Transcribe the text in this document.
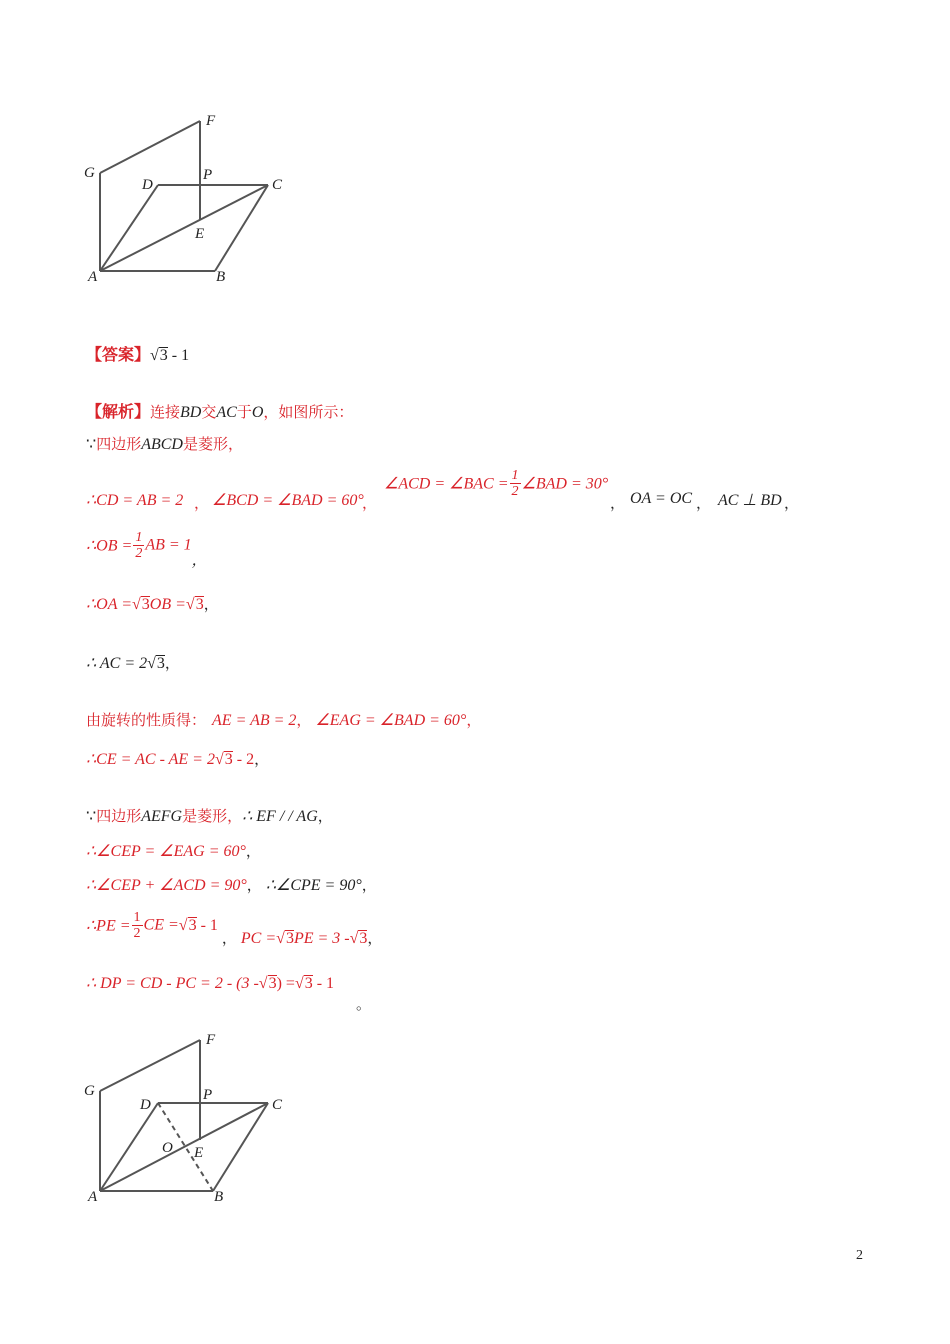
G
F
D
P
C
E
A	B
【答案】√3 - 1
【解析】连接BD交AC于O，如图所示：
∵四边形ABCD是菱形，
∴CD = AB = 2 ， ∠BCD = ∠BAD = 60°
，
∠ACD = ∠BAC = $\frac{1}{2}$ ∠BAD = 30°
， OA = OC ， AC ⊥ BD ，
∴OB = $\frac{1}{2}$ AB = 1，
∴OA =√3OB =√3，
∴ AC = 2√3，
由旋转的性质得： AE = AB = 2， ∠EAG = ∠BAD = 60°，
∴CE = AC - AE = 2√3 - 2，
∵四边形AEFG是菱形，∴ EF / / AG，
∴∠CEP = ∠EAG = 60°，
∴∠CEP + ∠ACD = 90°， ∴∠CPE = 90°，
∴PE = $\frac{1}{2}$ CE =√3 - 1， PC =√3PE = 3 -√3，
∴ DP = CD - PC = 2 - (3 -√3) =√3 - 1
。
G
F
D
P
C
O E
A	B
2
